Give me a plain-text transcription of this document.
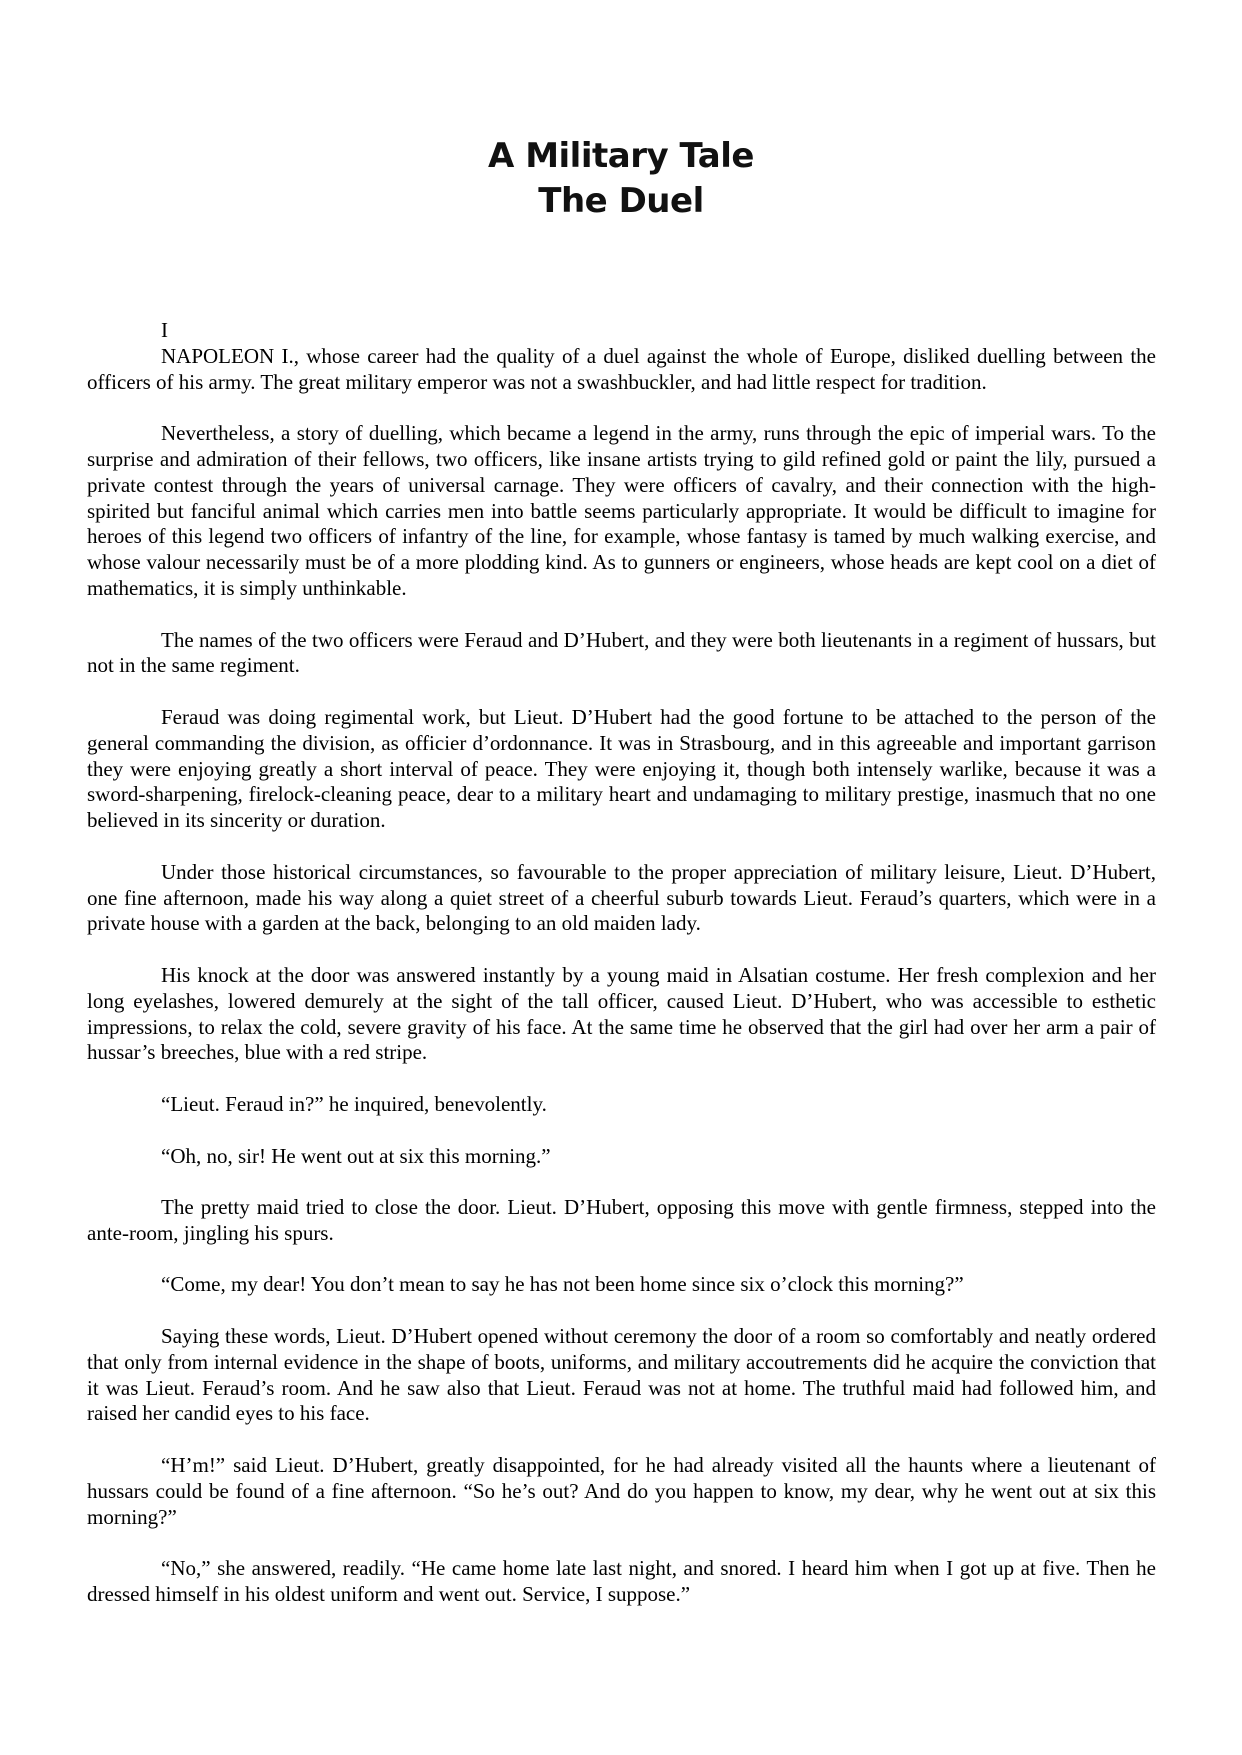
A Military Tale
The Duel

I

NAPOLEON I., whose career had the quality of a duel against the whole of Europe, disliked duelling between the officers of his army. The great military emperor was not a swashbuckler, and had little respect for tradition.

Nevertheless, a story of duelling, which became a legend in the army, runs through the epic of imperial wars. To the surprise and admiration of their fellows, two officers, like insane artists trying to gild refined gold or paint the lily, pursued a private contest through the years of universal carnage. They were officers of cavalry, and their connection with the high-spirited but fanciful animal which carries men into battle seems particularly appropriate. It would be difficult to imagine for heroes of this legend two officers of infantry of the line, for example, whose fantasy is tamed by much walking exercise, and whose valour necessarily must be of a more plodding kind. As to gunners or engineers, whose heads are kept cool on a diet of mathematics, it is simply unthinkable.

The names of the two officers were Feraud and D’Hubert, and they were both lieutenants in a regiment of hussars, but not in the same regiment.

Feraud was doing regimental work, but Lieut. D’Hubert had the good fortune to be attached to the person of the general commanding the division, as officier d’ordonnance. It was in Strasbourg, and in this agreeable and important garrison they were enjoying greatly a short interval of peace. They were enjoying it, though both intensely warlike, because it was a sword-sharpening, firelock-cleaning peace, dear to a military heart and undamaging to military prestige, inasmuch that no one believed in its sincerity or duration.

Under those historical circumstances, so favourable to the proper appreciation of military leisure, Lieut. D’Hubert, one fine afternoon, made his way along a quiet street of a cheerful suburb towards Lieut. Feraud’s quarters, which were in a private house with a garden at the back, belonging to an old maiden lady.

His knock at the door was answered instantly by a young maid in Alsatian costume. Her fresh complexion and her long eyelashes, lowered demurely at the sight of the tall officer, caused Lieut. D’Hubert, who was accessible to esthetic impressions, to relax the cold, severe gravity of his face. At the same time he observed that the girl had over her arm a pair of hussar’s breeches, blue with a red stripe.

“Lieut. Feraud in?” he inquired, benevolently.

“Oh, no, sir! He went out at six this morning.”

The pretty maid tried to close the door. Lieut. D’Hubert, opposing this move with gentle firmness, stepped into the ante-room, jingling his spurs.

“Come, my dear! You don’t mean to say he has not been home since six o’clock this morning?”

Saying these words, Lieut. D’Hubert opened without ceremony the door of a room so comfortably and neatly ordered that only from internal evidence in the shape of boots, uniforms, and military accoutrements did he acquire the conviction that it was Lieut. Feraud’s room. And he saw also that Lieut. Feraud was not at home. The truthful maid had followed him, and raised her candid eyes to his face.

“H’m!” said Lieut. D’Hubert, greatly disappointed, for he had already visited all the haunts where a lieutenant of hussars could be found of a fine afternoon. “So he’s out? And do you happen to know, my dear, why he went out at six this morning?”

“No,” she answered, readily. “He came home late last night, and snored. I heard him when I got up at five. Then he dressed himself in his oldest uniform and went out. Service, I suppose.”
